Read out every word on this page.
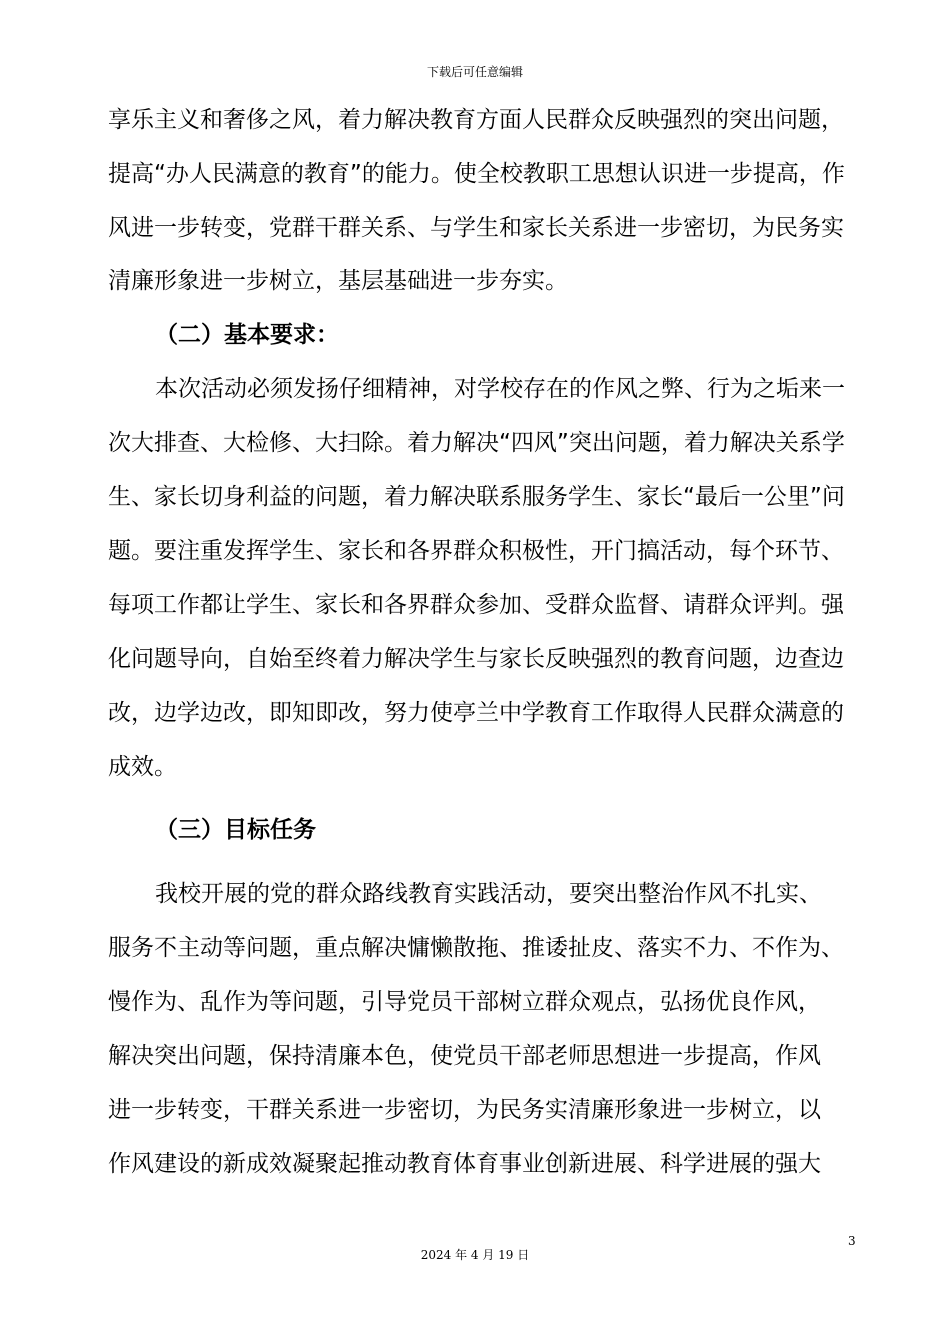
下载后可任意编辑
享乐主义和奢侈之风，着力解决教育方面人民群众反映强烈的突出问题，
提高“办人民满意的教育”的能力。使全校教职工思想认识进一步提高，作
风进一步转变，党群干群关系、与学生和家长关系进一步密切，为民务实
清廉形象进一步树立，基层基础进一步夯实。
（二）基本要求：
本次活动必须发扬仔细精神，对学校存在的作风之弊、行为之垢来一
次大排查、大检修、大扫除。着力解决“四风”突出问题，着力解决关系学
生、家长切身利益的问题，着力解决联系服务学生、家长“最后一公里”问
题。要注重发挥学生、家长和各界群众积极性，开门搞活动，每个环节、
每项工作都让学生、家长和各界群众参加、受群众监督、请群众评判。强
化问题导向，自始至终着力解决学生与家长反映强烈的教育问题，边查边
改，边学边改，即知即改，努力使亭兰中学教育工作取得人民群众满意的
成效。
（三）目标任务
我校开展的党的群众路线教育实践活动，要突出整治作风不扎实、
服务不主动等问题，重点解决慵懒散拖、推诿扯皮、落实不力、不作为、
慢作为、乱作为等问题，引导党员干部树立群众观点，弘扬优良作风，
解决突出问题，保持清廉本色，使党员干部老师思想进一步提高，作风
进一步转变，干群关系进一步密切，为民务实清廉形象进一步树立，以
作风建设的新成效凝聚起推动教育体育事业创新进展、科学进展的强大
3
2024 年 4 月 19 日
